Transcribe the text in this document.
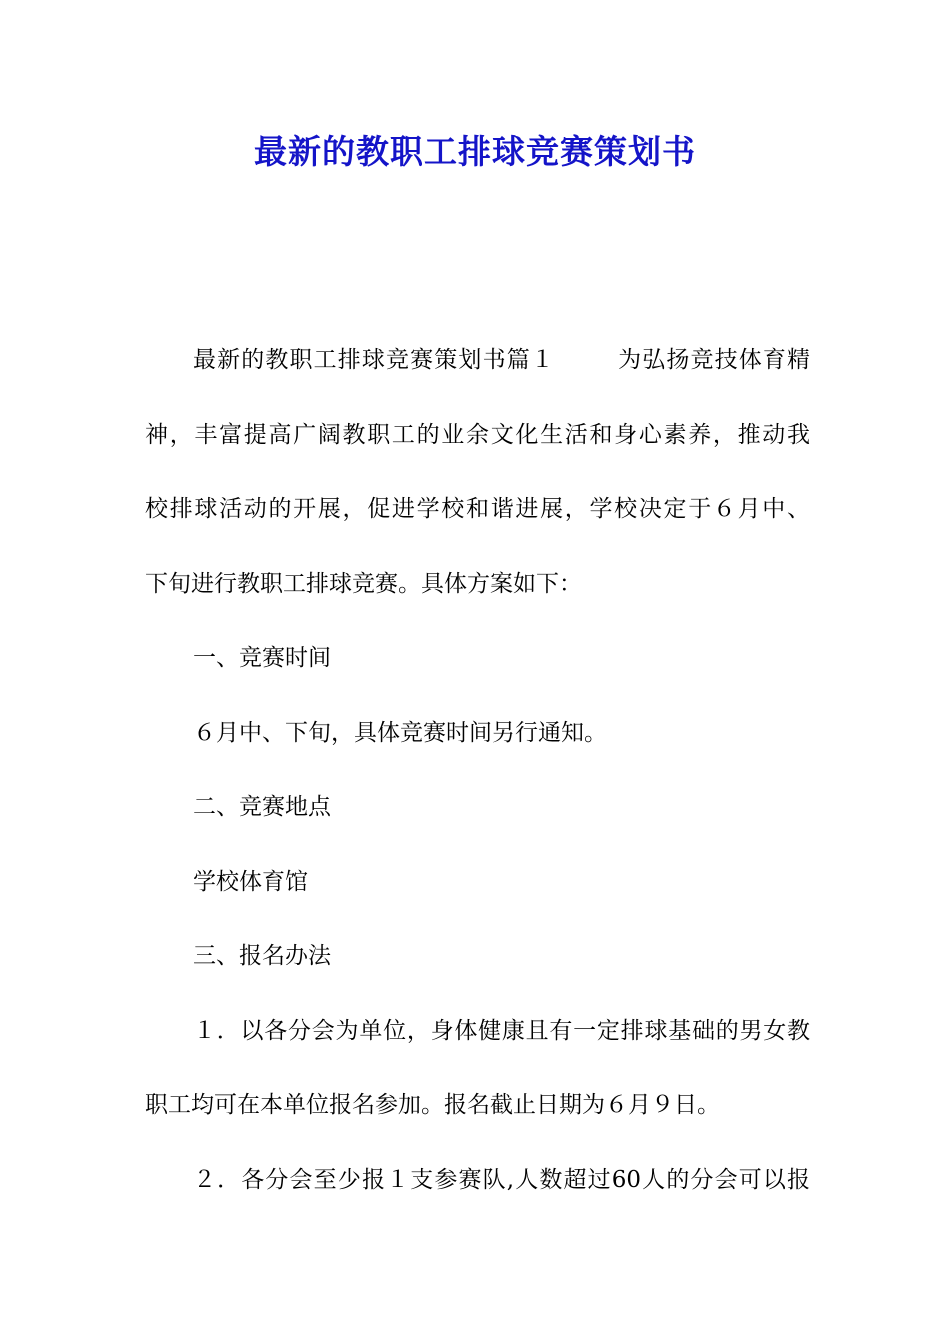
最新的教职工排球竞赛策划书

最新的教职工排球竞赛策划书篇１	为弘扬竞技体育精

神，丰富提高广阔教职工的业余文化生活和身心素养，推动我

校排球活动的开展，促进学校和谐进展，学校决定于６月中、

下旬进行教职工排球竞赛。具体方案如下：

一、竞赛时间

６月中、下旬，具体竞赛时间另行通知。

二、竞赛地点

学校体育馆

三、报名办法

１．以各分会为单位，身体健康且有一定排球基础的男女教

职工均可在本单位报名参加。报名截止日期为６月９日。

２．各分会至少报１支参赛队,人数超过60人的分会可以报
